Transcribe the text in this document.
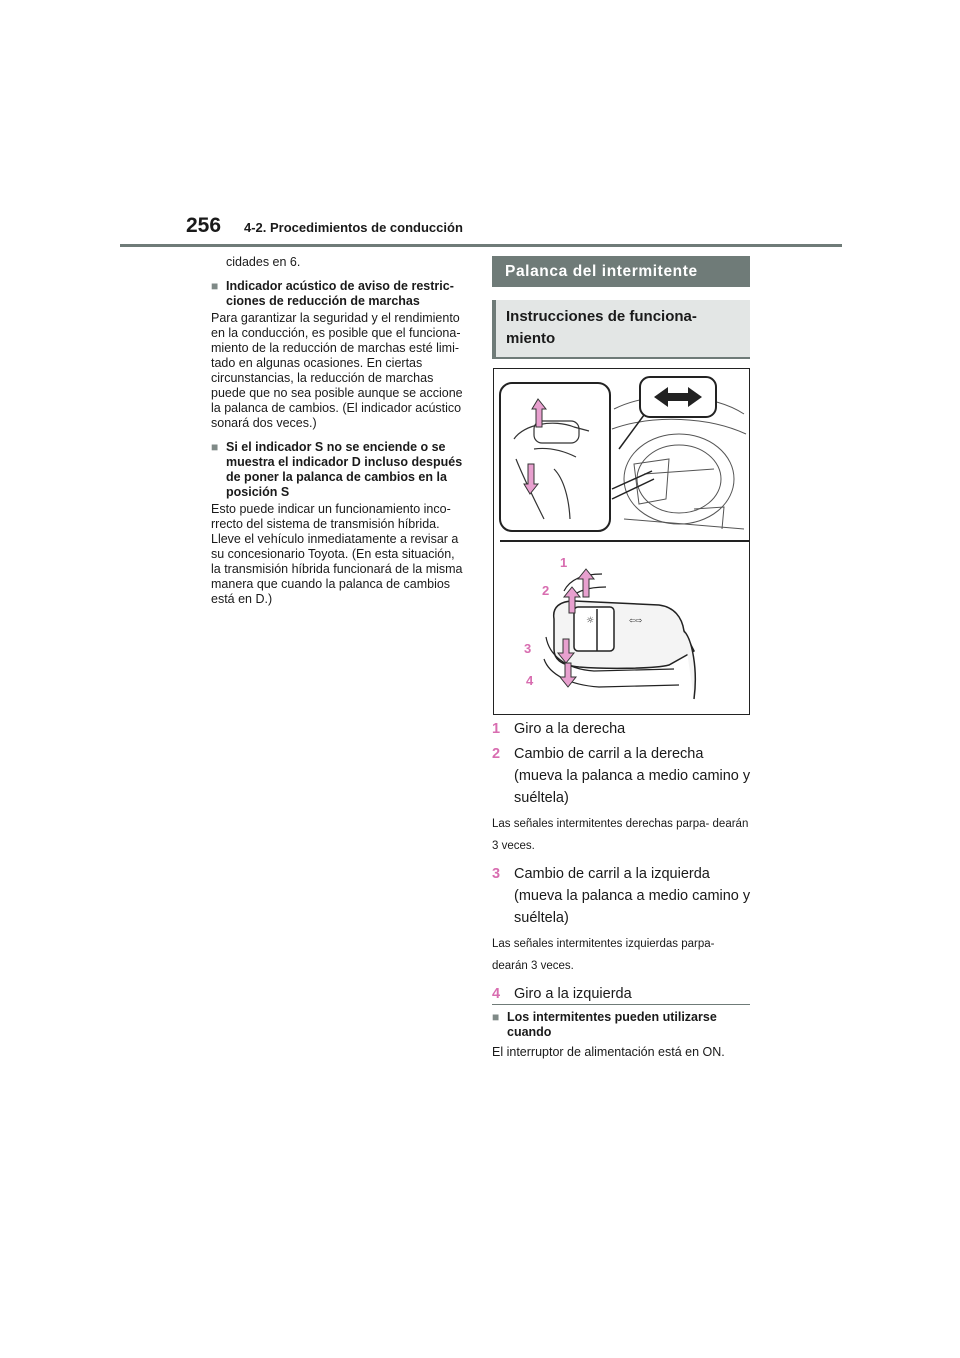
256 4-2. Procedimientos de conducción

cidades en 6.

■ Indicador acústico de aviso de restric- ciones de reducción de marchas

Para garantizar la seguridad y el rendimiento en la conducción, es posible que el funciona- miento de la reducción de marchas esté limi- tado en algunas ocasiones. En ciertas circunstancias, la reducción de marchas puede que no sea posible aunque se accione la palanca de cambios. (El indicador acústico sonará dos veces.)

■ Si el indicador S no se enciende o se muestra el indicador D incluso después de poner la palanca de cambios en la posición S

Esto puede indicar un funcionamiento inco- rrecto del sistema de transmisión híbrida. Lleve el vehículo inmediatamente a revisar a su concesionario Toyota. (En esta situación, la transmisión híbrida funcionará de la misma manera que cuando la palanca de cambios está en D.)

Palanca del intermitente
Instrucciones de funciona- miento
☼	⇦⇨
1
2
3
4
1 Giro a la derecha
2 Cambio de carril a la derecha (mueva la palanca a medio camino y suéltela)
Las señales intermitentes derechas parpa- dearán 3 veces.
3 Cambio de carril a la izquierda (mueva la palanca a medio camino y suéltela)
Las señales intermitentes izquierdas parpa- dearán 3 veces.
4 Giro a la izquierda
■ Los intermitentes pueden utilizarse cuando
El interruptor de alimentación está en ON.
